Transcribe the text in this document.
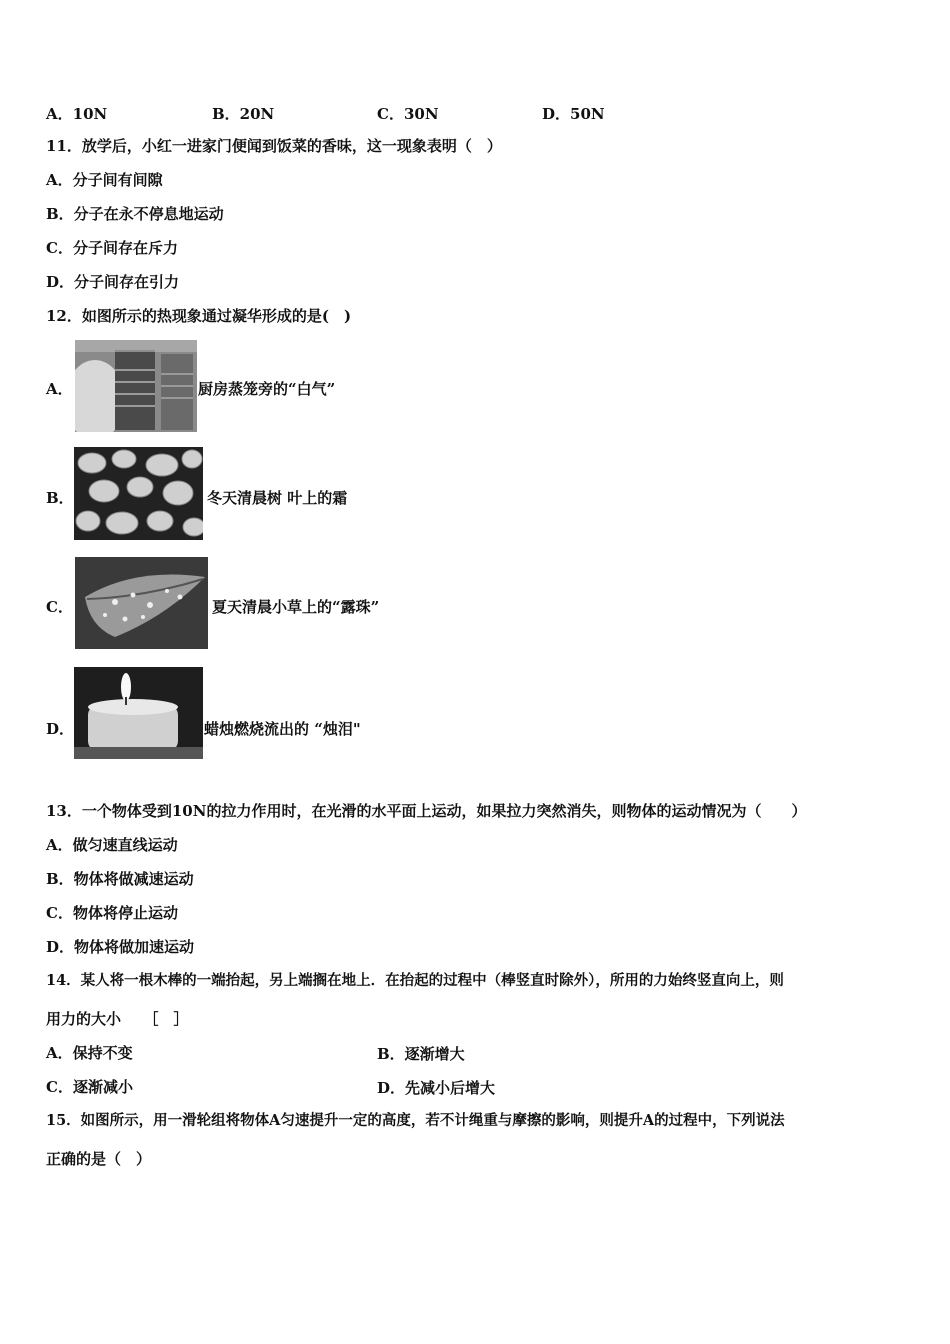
A．10N	B．20N	C．30N	D．50N
11．放学后，小红一进家门便闻到饭菜的香味，这一现象表明（　）
A．分子间有间隙
B．分子在永不停息地运动
C．分子间存在斥力
D．分子间存在引力
12．如图所示的热现象通过凝华形成的是(　)
A．	厨房蒸笼旁的“白气”
B．	冬天清晨树 叶上的霜
C．	夏天清晨小草上的“露珠”
D．	蜡烛燃烧流出的 “烛泪"
13．一个物体受到10N的拉力作用时，在光滑的水平面上运动，如果拉力突然消失，则物体的运动情况为（　　）
A．做匀速直线运动
B．物体将做减速运动
C．物体将停止运动
D．物体将做加速运动
14．某人将一根木棒的一端抬起，另上端搁在地上．在抬起的过程中（棒竖直时除外），所用的力始终竖直向上，则
用力的大小　　［　］
A．保持不变	B．逐渐增大
C．逐渐减小	D．先减小后增大
15．如图所示，用一滑轮组将物体A匀速提升一定的高度，若不计绳重与摩擦的影响，则提升A的过程中，下列说法
正确的是（　）
